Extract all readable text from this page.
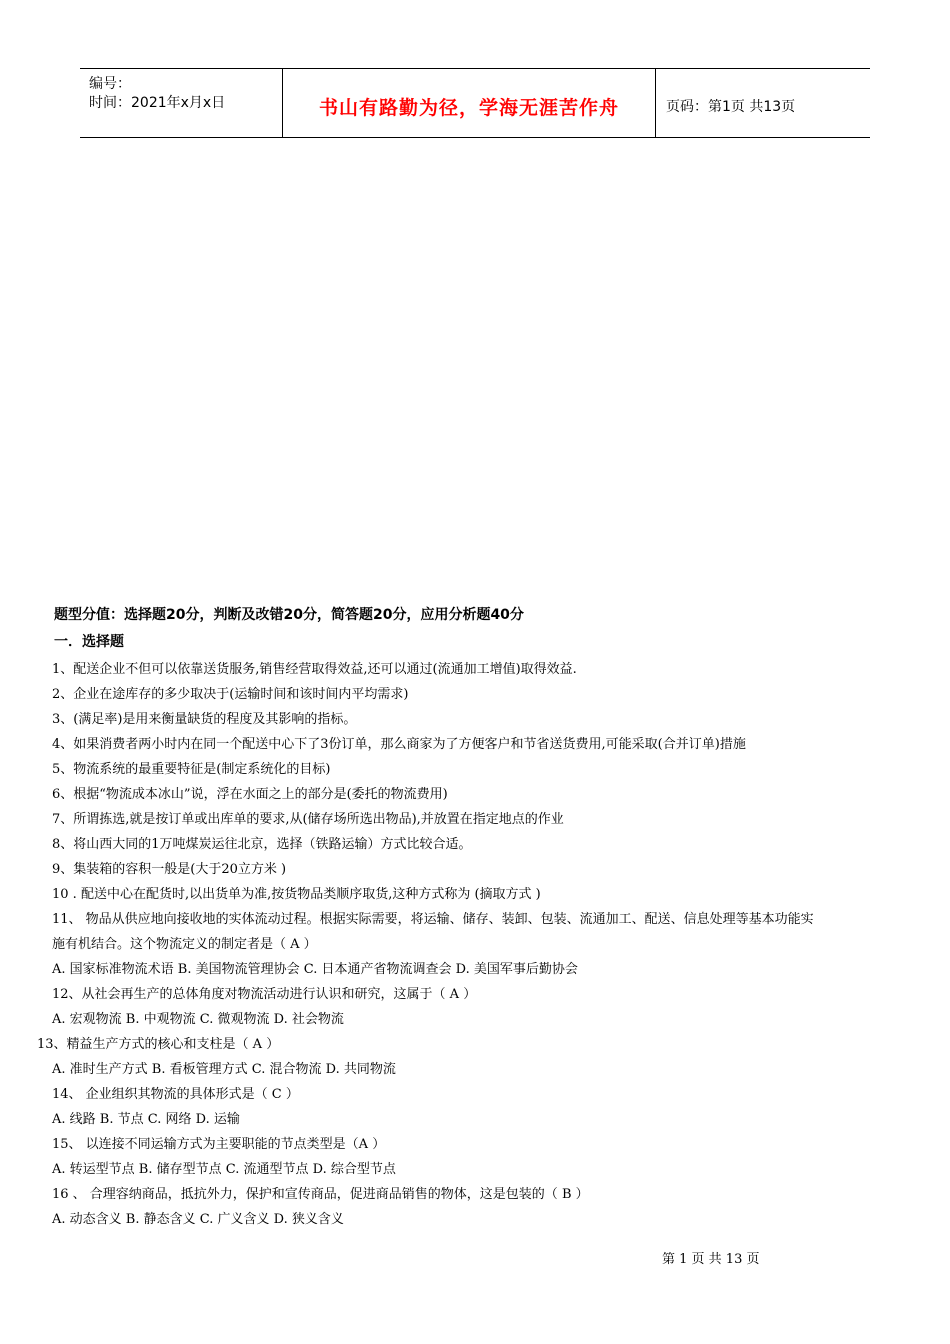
编号：
时间：2021年x月x日	书山有路勤为径，学海无涯苦作舟	页码：第1页 共13页
题型分值：选择题20分，判断及改错20分，简答题20分，应用分析题40分
一．选择题
1、配送企业不但可以依靠送货服务,销售经营取得效益,还可以通过(流通加工增值)取得效益.
2、企业在途库存的多少取决于(运输时间和该时间内平均需求)
3、(满足率)是用来衡量缺货的程度及其影响的指标。
4、如果消费者两小时内在同一个配送中心下了3份订单，那么商家为了方便客户和节省送货费用,可能采取(合并订单)措施
5、物流系统的最重要特征是(制定系统化的目标)
6、根据“物流成本冰山”说，浮在水面之上的部分是(委托的物流费用)
7、所谓拣选,就是按订单或出库单的要求,从(储存场所选出物品),并放置在指定地点的作业
8、将山西大同的1万吨煤炭运往北京，选择（铁路运输）方式比较合适。
9、集装箱的容积一般是(大于20立方米 )
10 . 配送中心在配货时,以出货单为准,按货物品类顺序取货,这种方式称为 (摘取方式 )
11、 物品从供应地向接收地的实体流动过程。根据实际需要，将运输、储存、装卸、包装、流通加工、配送、信息处理等基本功能实
施有机结合。这个物流定义的制定者是（ A ）
A. 国家标准物流术语 B. 美国物流管理协会 C. 日本通产省物流调查会 D. 美国军事后勤协会
12、从社会再生产的总体角度对物流活动进行认识和研究，这属于（ A ）
A. 宏观物流 B. 中观物流 C. 微观物流 D. 社会物流
13、精益生产方式的核心和支柱是（ A ）
A. 准时生产方式 B. 看板管理方式 C. 混合物流 D. 共同物流
14、 企业组织其物流的具体形式是（ C ）
A. 线路 B. 节点 C. 网络 D. 运输
15、 以连接不同运输方式为主要职能的节点类型是（A ）
A. 转运型节点 B. 储存型节点 C. 流通型节点 D. 综合型节点
16 、 合理容纳商品，抵抗外力，保护和宣传商品，促进商品销售的物体，这是包装的（ B ）
A. 动态含义 B. 静态含义 C. 广义含义 D. 狭义含义
第 1 页 共 13 页
